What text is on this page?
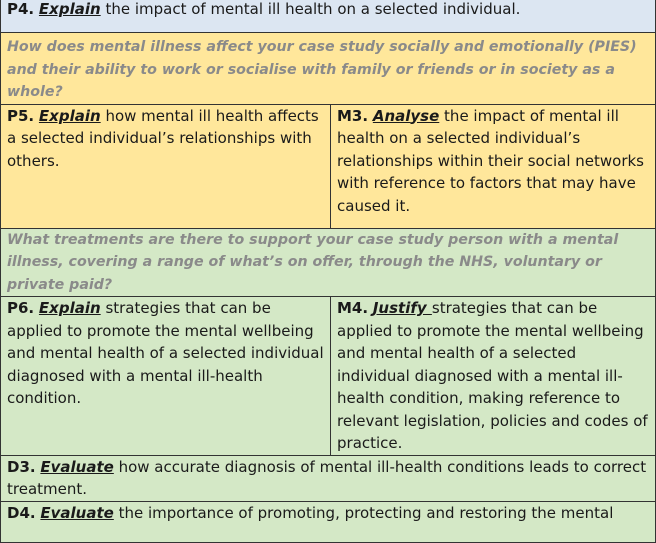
P4. Explain the impact of mental ill health on a selected individual.	
How does mental illness affect your case study socially and emotionally (PIES) and their ability to work or socialise with family or friends or in society as a whole?	
P5. Explain how mental ill health affects a selected individual’s relationships with others.	M3. Analyse the impact of mental ill health on a selected individual’s relationships within their social networks with reference to factors that may have caused it.
What treatments are there to support your case study person with a mental illness, covering a range of what’s on offer, through the NHS, voluntary or private paid?	
P6. Explain strategies that can be applied to promote the mental wellbeing and mental health of a selected individual diagnosed with a mental ill-health condition.	M4. Justify strategies that can be applied to promote the mental wellbeing and mental health of a selected individual diagnosed with a mental ill-health condition, making reference to relevant legislation, policies and codes of practice.
D3. Evaluate how accurate diagnosis of mental ill-health conditions leads to correct treatment.	
D4. Evaluate the importance of promoting, protecting and restoring the mental	
